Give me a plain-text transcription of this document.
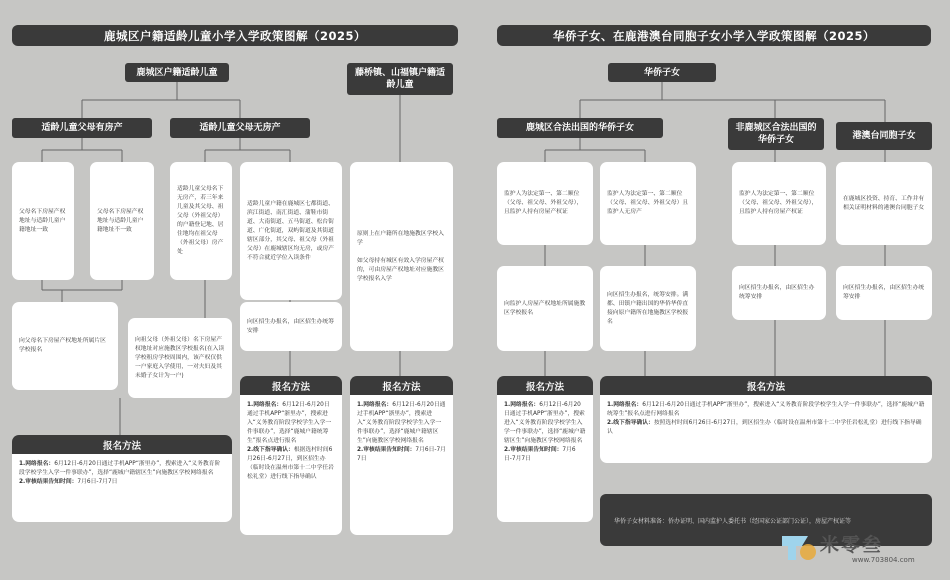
鹿城区户籍适龄儿童小学入学政策图解（2025）
鹿城区户籍适龄儿童	藤桥镇、山福镇户籍适龄儿童
适龄儿童父母有房产	适龄儿童父母无房产
父母名下房屋产权地址与适龄儿童户籍地址一致
父母名下房屋产权地址与适龄儿童户籍地址不一致
适龄儿童父母名下无房产，若三年来儿童及其父母、祖父母（外祖父母）的户籍登记地、居住地均在祖父母（外祖父母）房产处
适龄儿童户籍在鹿城区七都街道、滨江街道、南汇街道、蒲鞋市街道、大南街道、五马街道、松台街道、广化街道，双屿街道及其街道辖区部分，其父母、祖父母（外祖父母）在鹿城辖区均无房，或房产不符合就近学位入读条件
原则上在户籍所在地施教区学校入学

如父母持有城区有效入学房屋产权的，可由房屋产权地址对应施教区学校报名入学
向父母名下房屋产权地址所属片区学校报名
向祖父母（外祖父母）名下房屋产权地址对应施教区学校报名(在入读学校租房学校周围内，该产权仅供一户家庭入学使用，一对夫妇及其未婚子女计为一户)
向区招生办报名，由区招生办统筹安排
报名方法

1.网络报名：6月12日-6月20日通过手机APP“浙里办”，搜索进入“义务教育阶段学校学生入学一件事联办”，选择“鹿城户籍统筹生”报名点进行报名

2.线下指导确认：根据选村时间6月26日-6月27日，到区招生办（临时设在温州市第十二中学任岩松礼堂）进行线下指导确认

报名方法

1.网络报名：6月12日-6月20日通过手机APP“浙里办”，搜索进入“义务教育阶段学校学生入学一件事联办”，选择“鹿城户籍辖区生”向施教区学校网络报名

2.审核结果告知时间：7月6日-7月7日

报名方法

1.网络报名：6月12日-6月20日通过手机APP“浙里办”，搜索进入“义务教育阶段学校学生入学一件事联办”，选择“鹿城户籍辖区生”向施教区学校网络报名

2.审核结果告知时间：7月6日-7月7日

华侨子女、在鹿港澳台同胞子女小学入学政策图解（2025）
华侨子女
鹿城区合法出国的华侨子女	非鹿城区合法出国的华侨子女	港澳台同胞子女
监护人为法定第一、第二顺位（父母、祖父母、外祖父母），且监护人持有房屋产权证
监护人为法定第一、第二顺位（父母、祖父母、外祖父母）且监护人无房产
监护人为法定第一、第二顺位（父母、祖父母、外祖父母），且监护人持有房屋产权证
在鹿城区投资、持育、工作并有相关证明材料的港澳台同胞子女
向监护人房屋产权地址所属施教区学校报名
向区招生办报名，统筹安排。满都、田镇户籍出国的华侨华侨直接向原户籍所在地施教区学校报名
向区招生办报名，由区招生办统筹安排
向区招生办报名，由区招生办统筹安排
报名方法

1.网络报名：6月12日-6月20日通过手机APP“浙里办”，搜索进入“义务教育阶段学校学生入学一件事联办”，选择“鹿城户籍辖区生”向施教区学校网络报名

2.审核结果告知时间：7月6日-7月7日

报名方法

1.网络报名：6月12日-6月20日通过手机APP“浙里办”，搜索进入“义务教育阶段学校学生入学一件事联办”，选择“鹿城户籍统筹生”报名点进行网络报名

2.线下指导确认：按照选村时间6月26日-6月27日，到区招生办（临时设在温州市第十二中学任岩松礼堂）进行线下指导确认

华侨子女材料准备：侨办证明、国内监护人委托书（经国家公证部门公证），房屋产权证等
米零叁
www.703804.com
